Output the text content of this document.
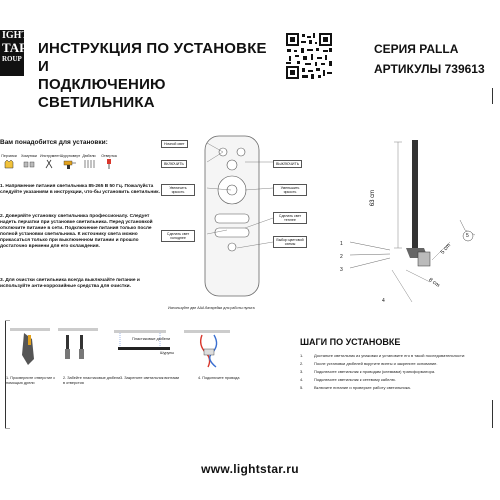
IGHT
TAR
ROUP
ИНСТРУКЦИЯ ПО УСТАНОВКЕ И
ПОДКЛЮЧЕНИЮ СВЕТИЛЬНИКА
СЕРИЯ PALLA
АРТИКУЛЫ 739613
Вам понадобится для установки:
Перчатки	Хомутики Инструмент Шуруповерт Дюбели	Отвертка
1. Напряжение питания светильника 85-265 В 50 Гц. Пожалуйста следуйте указаниям в инструкции, что-бы установить светильник.
2. Доверяйте установку светильника профессионалу. Следует надеть перчатки при установке светильника. Перед установкой отключите питание в сети. Подключение питания только после полной установки светильника. К источнику света можно прикасаться только при выключенном питании и прошло достаточно времени для его охлаждения.
3. Для очистки светильника всегда выключайте питание и используйте анти-коррозийные средства для очистки.
Ночной свет
ВКЛЮЧИТЬ	ВЫКЛЮЧИТЬ
Увеличить яркость
Уменьшить яркость
Сделать свет холоднее
Сделать свет теплее
Выбор цветовой схемы
Используйте две AAA батарейки для работы пульта
63 cm
8 cm
5 cm
1
2
3
4
5
Пластиковые дюбели
Шурупы
1. Просверлите отверстие с помощью дрели
2. Забейте пластиковые дюбели в отверстия
3. Закрепите светильник винтами	4. Подключите провода
ШАГИ ПО УСТАНОВКЕ
1.	Достаньте светильник из упаковки и установите его в такой последовательности:
2.	После установки дюбелей вкрутите винты и закрепите основание.
3.	Подключите светильник к проводам (клеммам) трансформатора.
4.	Подключите светильник к сетевому кабелю.
5.	Включите питание и проверьте работу светильника.
www.lightstar.ru
